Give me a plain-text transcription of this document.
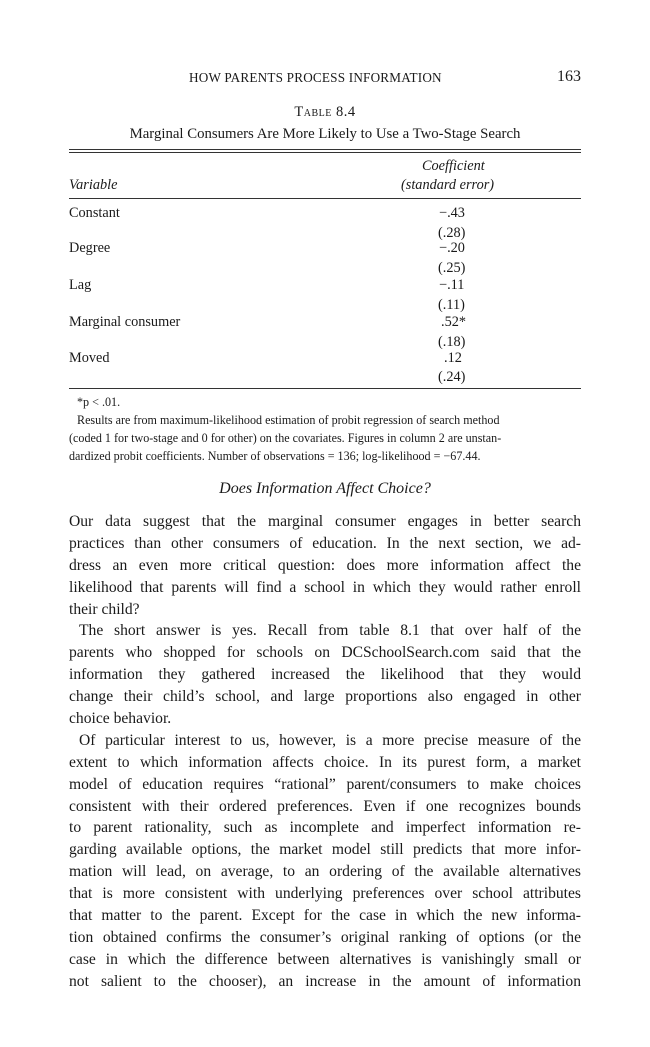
HOW PARENTS PROCESS INFORMATION	163
Table 8.4
Marginal Consumers Are More Likely to Use a Two-Stage Search
Coefficient
Variable	(standard error)
Constant	−.43
(.28)
Degree	−.20
(.25)
Lag	−.11
(.11)
Marginal consumer	.52*
(.18)
Moved	.12
(.24)
*p < .01.
Results are from maximum-likelihood estimation of probit regression of search method
(coded 1 for two-stage and 0 for other) on the covariates. Figures in column 2 are unstan-
dardized probit coefficients. Number of observations = 136; log-likelihood = −67.44.
Does Information Affect Choice?
Our data suggest that the marginal consumer engages in better search
practices than other consumers of education. In the next section, we ad-
dress an even more critical question: does more information affect the
likelihood that parents will find a school in which they would rather enroll
their child?
The short answer is yes. Recall from table 8.1 that over half of the
parents who shopped for schools on DCSchoolSearch.com said that the
information they gathered increased the likelihood that they would
change their child’s school, and large proportions also engaged in other
choice behavior.
Of particular interest to us, however, is a more precise measure of the
extent to which information affects choice. In its purest form, a market
model of education requires “rational” parent/consumers to make choices
consistent with their ordered preferences. Even if one recognizes bounds
to parent rationality, such as incomplete and imperfect information re-
garding available options, the market model still predicts that more infor-
mation will lead, on average, to an ordering of the available alternatives
that is more consistent with underlying preferences over school attributes
that matter to the parent. Except for the case in which the new informa-
tion obtained confirms the consumer’s original ranking of options (or the
case in which the difference between alternatives is vanishingly small or
not salient to the chooser), an increase in the amount of information
